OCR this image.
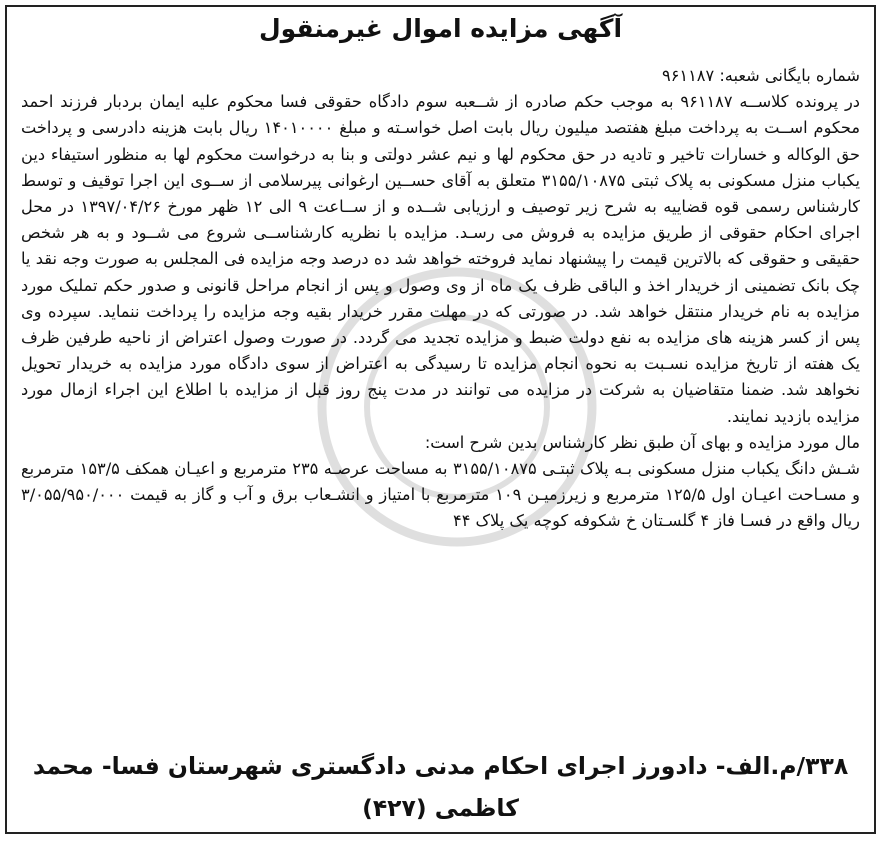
آگهی مزایده اموال غیرمنقول

شماره بایگانی شعبه: ۹۶۱۱۸۷

در پرونده کلاســه ۹۶۱۱۸۷ به موجب حکم صادره از شــعبه سوم دادگاه حقوقی فسا محکوم علیه ایمان بردبار فرزند احمد محکوم اســت به پرداخت مبلغ هفتصد میلیون ریال بابت اصل خواسـته و مبلغ ۱۴۰۱۰۰۰۰ ریال بابت هزینه دادرسی و پرداخت حق الوکاله و خسارات تاخیر و تادیه در حق محکوم لها و نیم عشر دولتی و بنا به درخواست محکوم لها به منظور استیفاء دین یکباب منزل مسکونی به پلاک ثبتی ۳۱۵۵/۱۰۸۷۵ متعلق به آقای حســین ارغوانی پیرسلامی از ســوی این اجرا توقیف و توسط کارشناس رسمی قوه قضاییه به شرح زیر توصیف و ارزیابی شــده و از ســاعت ۹ الی ۱۲ ظهر مورخ ۱۳۹۷/۰۴/۲۶ در محل اجرای احکام حقوقی از طریق مزایده به فروش می رسـد. مزایده با نظریه کارشناســی شروع می شــود و به هر شخص حقیقی و حقوقی که بالاترین قیمت را پیشنهاد نماید فروخته خواهد شد ده درصد وجه مزایده فی المجلس به صورت وجه نقد یا چک بانک تضمینی از خریدار اخذ و الباقی ظرف یک ماه از وی وصول و پس از انجام مراحل قانونی و صدور حکم تملیک مورد مزایده به نام خریدار منتقل خواهد شد. در صورتی که در مهلت مقرر خریدار بقیه وجه مزایده را پرداخت ننماید. سپرده وی پس از کسر هزینه های مزایده به نفع دولت ضبط و مزایده تجدید می گردد. در صورت وصول اعتراض از ناحیه طرفین ظرف یک هفته از تاریخ مزایده نسـبت به نحوه انجام مزایده تا رسیدگی به اعتراض از سوی دادگاه مورد مزایده به خریدار تحویل نخواهد شد. ضمنا متقاضیان به شرکت در مزایده می توانند در مدت پنج روز قبل از مزایده با اطلاع این اجراء ازمال مورد مزایده بازدید نمایند.

مال مورد مزایده و بهای آن طبق نظر کارشناس بدین شرح است:

شـش دانگ یکباب منزل مسکونی بـه پلاک ثبتـی ۳۱۵۵/۱۰۸۷۵ به مساحت عرصـه ۲۳۵ مترمربع و اعیـان همکف ۱۵۳/۵ مترمربع و مسـاحت اعیـان اول ۱۲۵/۵ مترمربع و زیرزمیـن ۱۰۹ مترمربع با امتیاز و انشـعاب برق و آب و گاز به قیمت ۳/۰۵۵/۹۵۰/۰۰۰ ریال واقع در فسـا فاز ۴ گلسـتان خ شکوفه کوچه یک پلاک ۴۴

۳۳۸/م.الف- دادورز اجرای احکام مدنی دادگستری شهرستان فسا- محمد کاظمی (۴۲۷)
